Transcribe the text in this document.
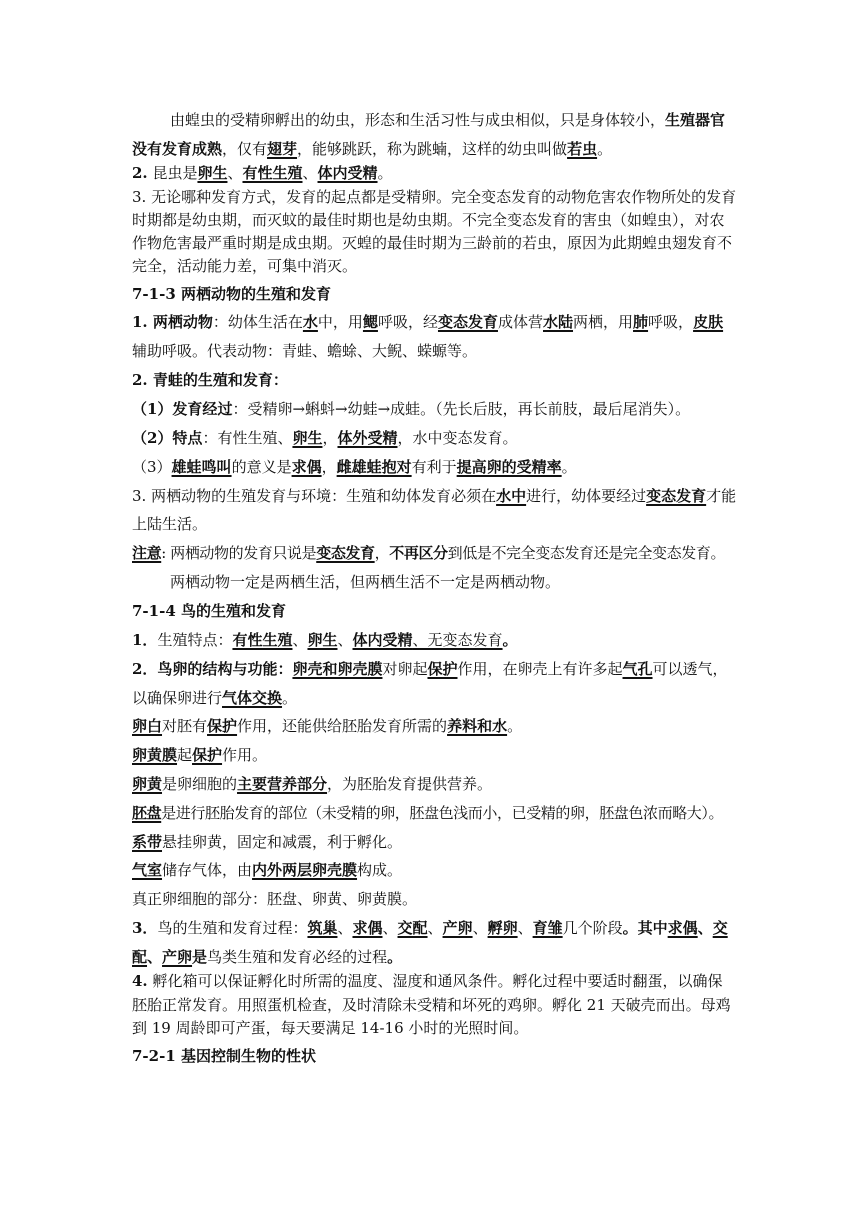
由蝗虫的受精卵孵出的幼虫，形态和生活习性与成虫相似，只是身体较小，生殖器官
没有发育成熟，仅有翅芽，能够跳跃，称为跳蝻，这样的幼虫叫做若虫。
2. 昆虫是卵生、有性生殖、体内受精。
3. 无论哪种发育方式，发育的起点都是受精卵。完全变态发育的动物危害农作物所处的发育
时期都是幼虫期，而灭蚊的最佳时期也是幼虫期。不完全变态发育的害虫（如蝗虫），对农
作物危害最严重时期是成虫期。灭蝗的最佳时期为三龄前的若虫，原因为此期蝗虫翅发育不
完全，活动能力差，可集中消灭。
7-1-3 两栖动物的生殖和发育
1. 两栖动物：幼体生活在水中，用鳃呼吸，经变态发育成体营水陆两栖，用肺呼吸，皮肤
辅助呼吸。代表动物：青蛙、蟾蜍、大鲵、蝾螈等。
2. 青蛙的生殖和发育：
（1）发育经过：受精卵→蝌蚪→幼蛙→成蛙。（先长后肢，再长前肢，最后尾消失）。
（2）特点：有性生殖、卵生，体外受精，水中变态发育。
（3）雄蛙鸣叫的意义是求偶，雌雄蛙抱对有利于提高卵的受精率。
3. 两栖动物的生殖发育与环境：生殖和幼体发育必须在水中进行，幼体要经过变态发育才能
上陆生活。
注意: 两栖动物的发育只说是变态发育，不再区分到低是不完全变态发育还是完全变态发育。
两栖动物一定是两栖生活，但两栖生活不一定是两栖动物。
7-1-4 鸟的生殖和发育
1．生殖特点：有性生殖、卵生、体内受精、无变态发育。
2．鸟卵的结构与功能：卵壳和卵壳膜对卵起保护作用，在卵壳上有许多起气孔可以透气，
以确保卵进行气体交换。
卵白对胚有保护作用，还能供给胚胎发育所需的养料和水。
卵黄膜起保护作用。
卵黄是卵细胞的主要营养部分，为胚胎发育提供营养。
胚盘是进行胚胎发育的部位（未受精的卵，胚盘色浅而小，已受精的卵，胚盘色浓而略大）。
系带悬挂卵黄，固定和减震，利于孵化。
气室储存气体，由内外两层卵壳膜构成。
真正卵细胞的部分：胚盘、卵黄、卵黄膜。
3．鸟的生殖和发育过程：筑巢、求偶、交配、产卵、孵卵、育雏几个阶段。其中求偶、交
配、产卵是鸟类生殖和发育必经的过程。
4. 孵化箱可以保证孵化时所需的温度、湿度和通风条件。孵化过程中要适时翻蛋，以确保
胚胎正常发育。用照蛋机检查，及时清除未受精和坏死的鸡卵。孵化 21 天破壳而出。母鸡
到 19 周龄即可产蛋，每天要满足 14-16 小时的光照时间。
7-2-1 基因控制生物的性状
